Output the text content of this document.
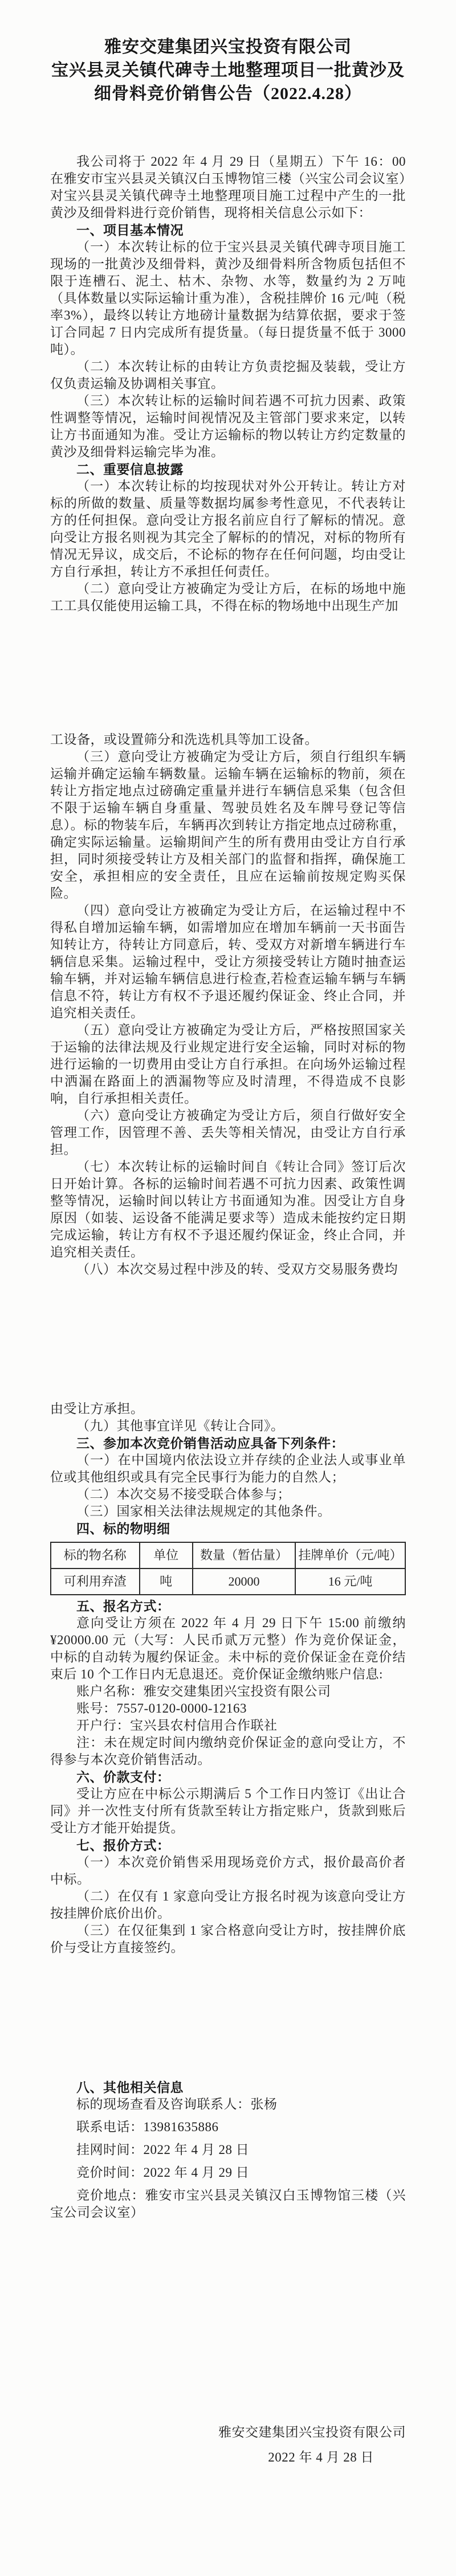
雅安交建集团兴宝投资有限公司
宝兴县灵关镇代碑寺土地整理项目一批黄沙及
细骨料竞价销售公告（2022.4.28）

我公司将于 2022 年 4 月 29 日（星期五）下午 16：00 在雅安市宝兴县灵关镇汉白玉博物馆三楼（兴宝公司会议室）对宝兴县灵关镇代碑寺土地整理项目施工过程中产生的一批黄沙及细骨料进行竞价销售，现将相关信息公示如下：

一、项目基本情况

（一）本次转让标的位于宝兴县灵关镇代碑寺项目施工现场的一批黄沙及细骨料，黄沙及细骨料所含物质包括但不限于连槽石、泥土、枯木、杂物、水等，数量约为 2 万吨（具体数量以实际运输计重为准），含税挂牌价 16 元/吨（税率3%），最终以转让方地磅计量数据为结算依据，要求于签订合同起 7 日内完成所有提货量。（每日提货量不低于 3000 吨）。

（二）本次转让标的由转让方负责挖掘及装载，受让方仅负责运输及协调相关事宜。

（三）本次转让标的运输时间若遇不可抗力因素、政策性调整等情况，运输时间视情况及主管部门要求来定，以转让方书面通知为准。受让方运输标的物以转让方约定数量的黄沙及细骨料运输完毕为准。

二、重要信息披露

（一）本次转让标的均按现状对外公开转让。转让方对标的所做的数量、质量等数据均属参考性意见，不代表转让方的任何担保。意向受让方报名前应自行了解标的情况。意向受让方报名则视为其完全了解标的的情况，对标的物所有情况无异议，成交后，不论标的物存在任何问题，均由受让方自行承担，转让方不承担任何责任。

（二）意向受让方被确定为受让方后，在标的场地中施工工具仅能使用运输工具，不得在标的物场地中出现生产加

工设备，或设置筛分和洗选机具等加工设备。

（三）意向受让方被确定为受让方后，须自行组织车辆运输并确定运输车辆数量。运输车辆在运输标的物前，须在转让方指定地点过磅确定重量并进行车辆信息采集（包含但不限于运输车辆自身重量、驾驶员姓名及车牌号登记等信息）。标的物装车后，车辆再次到转让方指定地点过磅称重，确定实际运输量。运输期间产生的所有费用由受让方自行承担，同时须接受转让方及相关部门的监督和指挥，确保施工安全，承担相应的安全责任，且应在运输前按规定购买保险。

（四）意向受让方被确定为受让方后，在运输过程中不得私自增加运输车辆，如需增加应在增加车辆前一天书面告知转让方，待转让方同意后，转、受双方对新增车辆进行车辆信息采集。运输过程中，受让方须接受转让方随时抽查运输车辆，并对运输车辆信息进行检查,若检查运输车辆与车辆信息不符，转让方有权不予退还履约保证金、终止合同，并追究相关责任。

（五）意向受让方被确定为受让方后，严格按照国家关于运输的法律法规及行业规定进行安全运输，同时对标的物进行运输的一切费用由受让方自行承担。在向场外运输过程中洒漏在路面上的洒漏物等应及时清理，不得造成不良影响，自行承担相关责任。

（六）意向受让方被确定为受让方后，须自行做好安全管理工作，因管理不善、丢失等相关情况，由受让方自行承担。

（七）本次转让标的运输时间自《转让合同》签订后次日开始计算。各标的运输时间若遇不可抗力因素、政策性调整等情况，运输时间以转让方书面通知为准。因受让方自身原因（如装、运设备不能满足要求等）造成未能按约定日期完成运输，转让方有权不予退还履约保证金，终止合同，并追究相关责任。

（八）本次交易过程中涉及的转、受双方交易服务费均

由受让方承担。

（九）其他事宜详见《转让合同》。

三、参加本次竞价销售活动应具备下列条件：

（一）在中国境内依法设立并存续的企业法人或事业单位或其他组织或具有完全民事行为能力的自然人；

（二）本次交易不接受联合体参与；

（三）国家相关法律法规规定的其他条件。

四、标的物明细
标的物名称	单位	数量（暂估量）	挂牌单价（元/吨）
可利用弃渣	吨	20000	16 元/吨
五、报名方式：

意向受让方须在 2022 年 4 月 29 日下午 15:00 前缴纳¥20000.00 元（大写：人民币贰万元整）作为竞价保证金，中标的自动转为履约保证金。未中标的竞价保证金在竞价结束后 10 个工作日内无息退还。竞价保证金缴纳账户信息:

账户名称：雅安交建集团兴宝投资有限公司

账号：7557-0120-0000-12163

开户行：宝兴县农村信用合作联社

注：未在规定时间内缴纳竞价保证金的意向受让方，不得参与本次竞价销售活动。

六、价款支付：

受让方应在中标公示期满后 5 个工作日内签订《出让合同》并一次性支付所有货款至转让方指定账户，货款到账后受让方才能开始提货。

七、报价方式：

（一）本次竞价销售采用现场竞价方式，报价最高价者中标。

（二）在仅有 1 家意向受让方报名时视为该意向受让方按挂牌价底价出价。

（三）在仅征集到 1 家合格意向受让方时，按挂牌价底价与受让方直接签约。

八、其他相关信息

标的现场查看及咨询联系人：张杨

联系电话：13981635886

挂网时间：2022 年 4 月 28 日

竞价时间：2022 年 4 月 29 日

竞价地点：雅安市宝兴县灵关镇汉白玉博物馆三楼（兴宝公司会议室）

雅安交建集团兴宝投资有限公司
2022 年 4 月 28 日
